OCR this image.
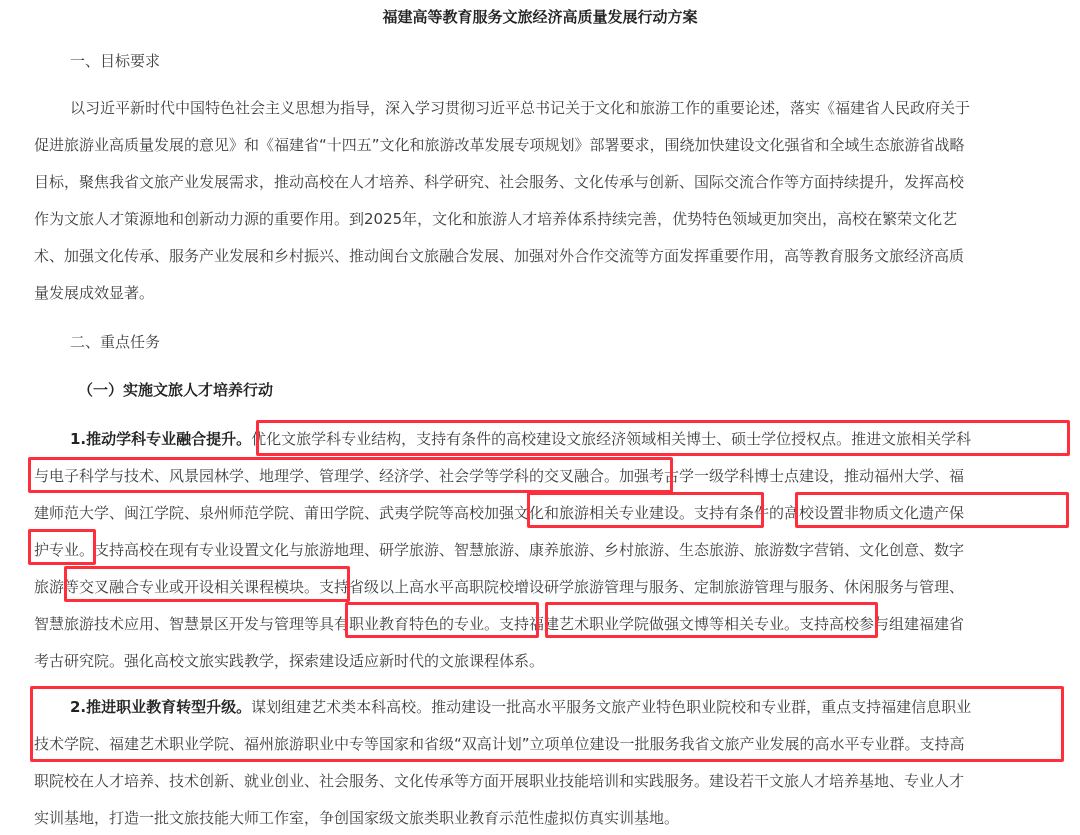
福建高等教育服务文旅经济高质量发展行动方案
一、目标要求
以习近平新时代中国特色社会主义思想为指导，深入学习贯彻习近平总书记关于文化和旅游工作的重要论述，落实《福建省人民政府关于
促进旅游业高质量发展的意见》和《福建省“十四五”文化和旅游改革发展专项规划》部署要求，围绕加快建设文化强省和全域生态旅游省战略
目标，聚焦我省文旅产业发展需求，推动高校在人才培养、科学研究、社会服务、文化传承与创新、国际交流合作等方面持续提升，发挥高校
作为文旅人才策源地和创新动力源的重要作用。到2025年，文化和旅游人才培养体系持续完善，优势特色领域更加突出，高校在繁荣文化艺
术、加强文化传承、服务产业发展和乡村振兴、推动闽台文旅融合发展、加强对外合作交流等方面发挥重要作用，高等教育服务文旅经济高质
量发展成效显著。
二、重点任务
（一）实施文旅人才培养行动
1.推动学科专业融合提升。优化文旅学科专业结构，支持有条件的高校建设文旅经济领域相关博士、硕士学位授权点。推进文旅相关学科
与电子科学与技术、风景园林学、地理学、管理学、经济学、社会学等学科的交叉融合。加强考古学一级学科博士点建设，推动福州大学、福
建师范大学、闽江学院、泉州师范学院、莆田学院、武夷学院等高校加强文化和旅游相关专业建设。支持有条件的高校设置非物质文化遗产保
护专业。支持高校在现有专业设置文化与旅游地理、研学旅游、智慧旅游、康养旅游、乡村旅游、生态旅游、旅游数字营销、文化创意、数字
旅游等交叉融合专业或开设相关课程模块。支持省级以上高水平高职院校增设研学旅游管理与服务、定制旅游管理与服务、休闲服务与管理、
智慧旅游技术应用、智慧景区开发与管理等具有职业教育特色的专业。支持福建艺术职业学院做强文博等相关专业。支持高校参与组建福建省
考古研究院。强化高校文旅实践教学，探索建设适应新时代的文旅课程体系。
2.推进职业教育转型升级。谋划组建艺术类本科高校。推动建设一批高水平服务文旅产业特色职业院校和专业群，重点支持福建信息职业
技术学院、福建艺术职业学院、福州旅游职业中专等国家和省级“双高计划”立项单位建设一批服务我省文旅产业发展的高水平专业群。支持高
职院校在人才培养、技术创新、就业创业、社会服务、文化传承等方面开展职业技能培训和实践服务。建设若干文旅人才培养基地、专业人才
实训基地，打造一批文旅技能大师工作室，争创国家级文旅类职业教育示范性虚拟仿真实训基地。
